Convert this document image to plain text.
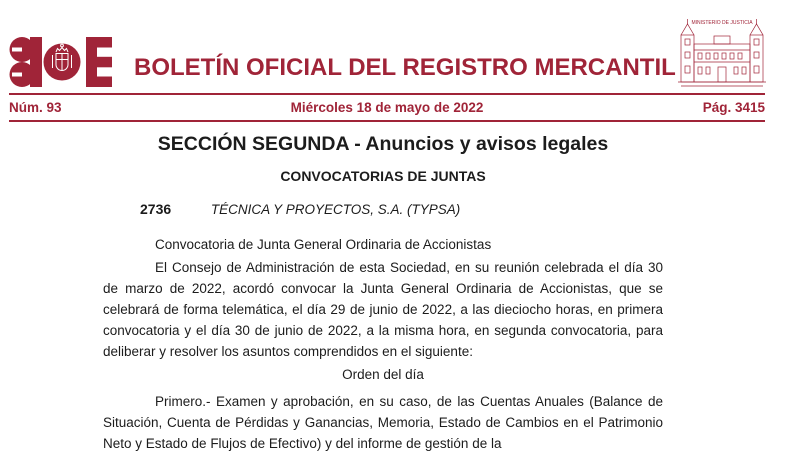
BOLETÍN OFICIAL DEL REGISTRO MERCANTIL
MINISTERIO DE JUSTICIA
Núm. 93	Miércoles 18 de mayo de 2022	Pág. 3415
SECCIÓN SEGUNDA - Anuncios y avisos legales
CONVOCATORIAS DE JUNTAS
2736	TÉCNICA Y PROYECTOS, S.A. (TYPSA)

Convocatoria de Junta General Ordinaria de Accionistas

El Consejo de Administración de esta Sociedad, en su reunión celebrada el día 30 de marzo de 2022, acordó convocar la Junta General Ordinaria de Accionistas, que se celebrará de forma telemática, el día 29 de junio de 2022, a las dieciocho horas, en primera convocatoria y el día 30 de junio de 2022, a la misma hora, en segunda convocatoria, para deliberar y resolver los asuntos comprendidos en el siguiente:

Orden del día

Primero.- Examen y aprobación, en su caso, de las Cuentas Anuales (Balance de Situación, Cuenta de Pérdidas y Ganancias, Memoria, Estado de Cambios en el Patrimonio Neto y Estado de Flujos de Efectivo) y del informe de gestión de la
